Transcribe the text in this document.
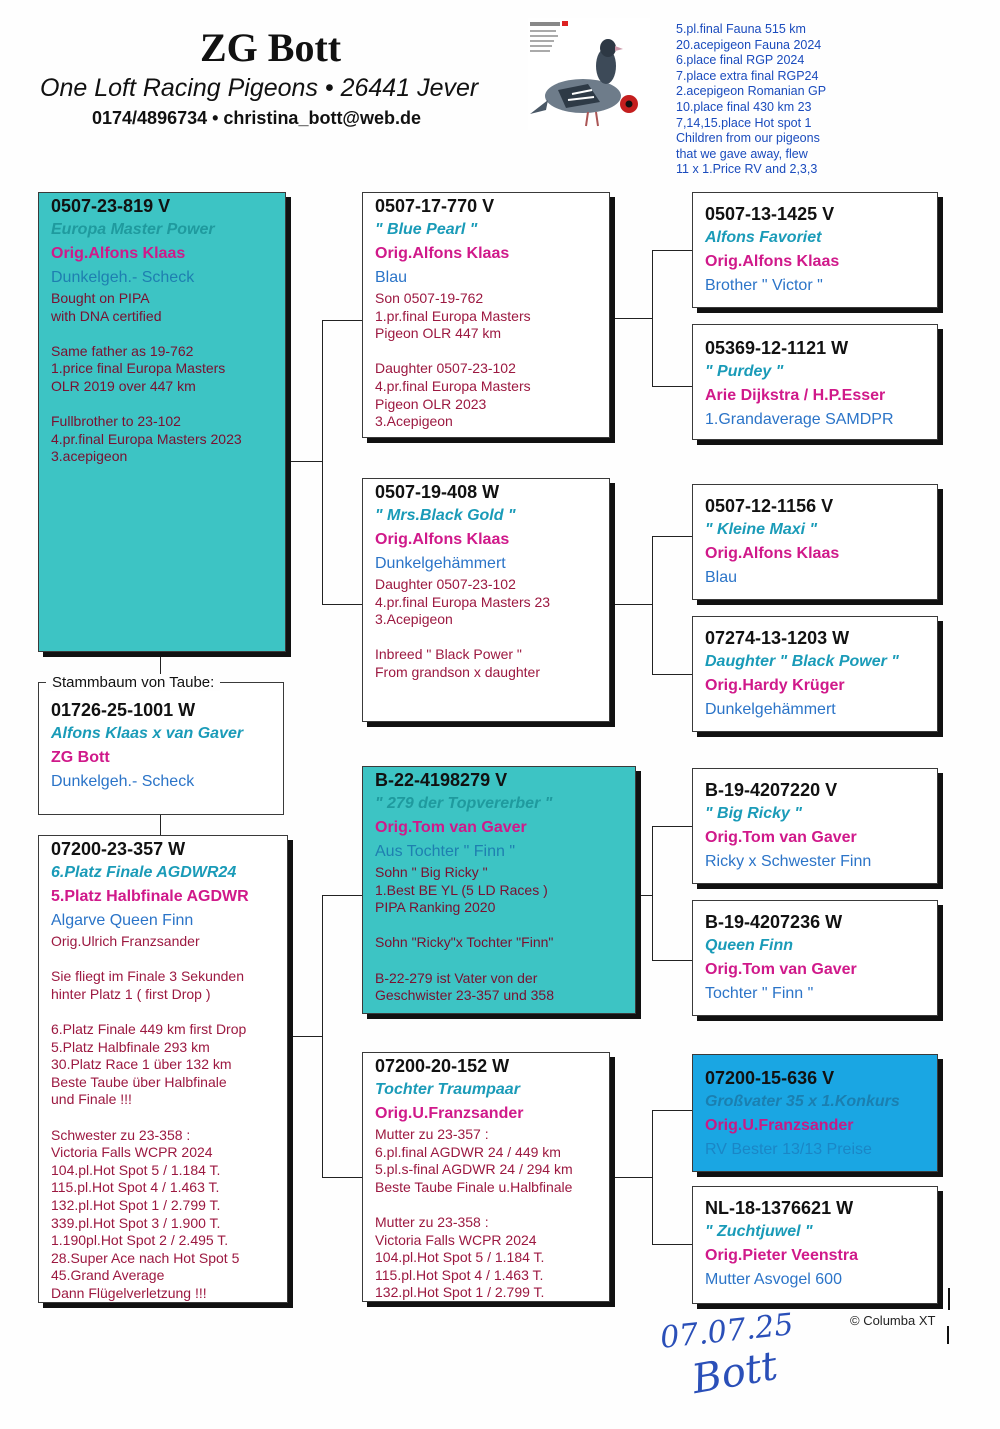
ZG Bott
One Loft Racing Pigeons • 26441 Jever
0174/4896734 • christina_bott@web.de
5.pl.final Fauna 515 km
20.acepigeon Fauna 2024
6.place final RGP 2024
7.place extra final RGP24
2.acepigeon Romanian GP
10.place final 430 km 23
7,14,15.place Hot spot 1
Children from our pigeons
that we gave away, flew
11 x 1.Price RV and 2,3,3
0507-23-819 V
Europa Master Power
Orig.Alfons Klaas
Dunkelgeh.- Scheck
Bought on PIPA
with DNA certified

Same father as 19-762
1.price final Europa Masters
OLR 2019 over 447 km

Fullbrother to 23-102
4.pr.final Europa Masters 2023
3.acepigeon
01726-25-1001 W
Alfons Klaas x van Gaver
ZG Bott
Dunkelgeh.- Scheck
Stammbaum von Taube:
07200-23-357 W
6.Platz Finale AGDWR24
5.Platz Halbfinale AGDWR
Algarve Queen Finn
Orig.Ulrich Franzsander

Sie fliegt im Finale 3 Sekunden
hinter Platz 1 ( first Drop )

6.Platz Finale 449 km first Drop
5.Platz Halbfinale 293 km
30.Platz Race 1 über 132 km
Beste Taube über Halbfinale
und Finale !!!

Schwester zu 23-358 :
Victoria Falls WCPR 2024
104.pl.Hot Spot 5 / 1.184 T.
115.pl.Hot Spot 4 / 1.463 T.
132.pl.Hot Spot 1 / 2.799 T.
339.pl.Hot Spot 3 / 1.900 T.
1.190pl.Hot Spot 2 / 2.495 T.
28.Super Ace nach Hot Spot 5
45.Grand Average
Dann Flügelverletzung !!!
0507-17-770 V
" Blue Pearl "
Orig.Alfons Klaas
Blau
Son 0507-19-762
1.pr.final Europa Masters
Pigeon OLR 447 km

Daughter 0507-23-102
4.pr.final Europa Masters
Pigeon OLR 2023
3.Acepigeon
0507-19-408 W
" Mrs.Black Gold "
Orig.Alfons Klaas
Dunkelgehämmert
Daughter 0507-23-102
4.pr.final Europa Masters 23
3.Acepigeon

Inbreed " Black Power "
From grandson x daughter
B-22-4198279 V
" 279 der Topvererber "
Orig.Tom van Gaver
Aus Tochter " Finn "
Sohn " Big Ricky "
1.Best BE YL (5 LD Races )
PIPA Ranking 2020

Sohn "Ricky"x Tochter "Finn"

B-22-279 ist Vater von der
Geschwister 23-357 und 358
07200-20-152 W
Tochter Traumpaar
Orig.U.Franzsander
Mutter zu 23-357 :
6.pl.final AGDWR 24 / 449 km
5.pl.s-final AGDWR 24 / 294 km
Beste Taube Finale u.Halbfinale

Mutter zu 23-358 :
Victoria Falls WCPR 2024
104.pl.Hot Spot 5 / 1.184 T.
115.pl.Hot Spot 4 / 1.463 T.
132.pl.Hot Spot 1 / 2.799 T.
0507-13-1425 V
Alfons Favoriet
Orig.Alfons Klaas
Brother " Victor "
05369-12-1121 W
" Purdey "
Arie Dijkstra / H.P.Esser
1.Grandaverage SAMDPR
0507-12-1156 V
" Kleine Maxi "
Orig.Alfons Klaas
Blau
07274-13-1203 W
Daughter " Black Power "
Orig.Hardy Krüger
Dunkelgehämmert
B-19-4207220 V
" Big Ricky "
Orig.Tom van Gaver
Ricky x Schwester Finn
B-19-4207236 W
Queen Finn
Orig.Tom van Gaver
Tochter " Finn "
07200-15-636 V
Großvater 35 x 1.Konkurs
Orig.U.Franzsander
RV Bester 13/13 Preise
NL-18-1376621 W
" Zuchtjuwel "
Orig.Pieter Veenstra
Mutter Asvogel 600
© Columba XT
07.07.25
Bott
